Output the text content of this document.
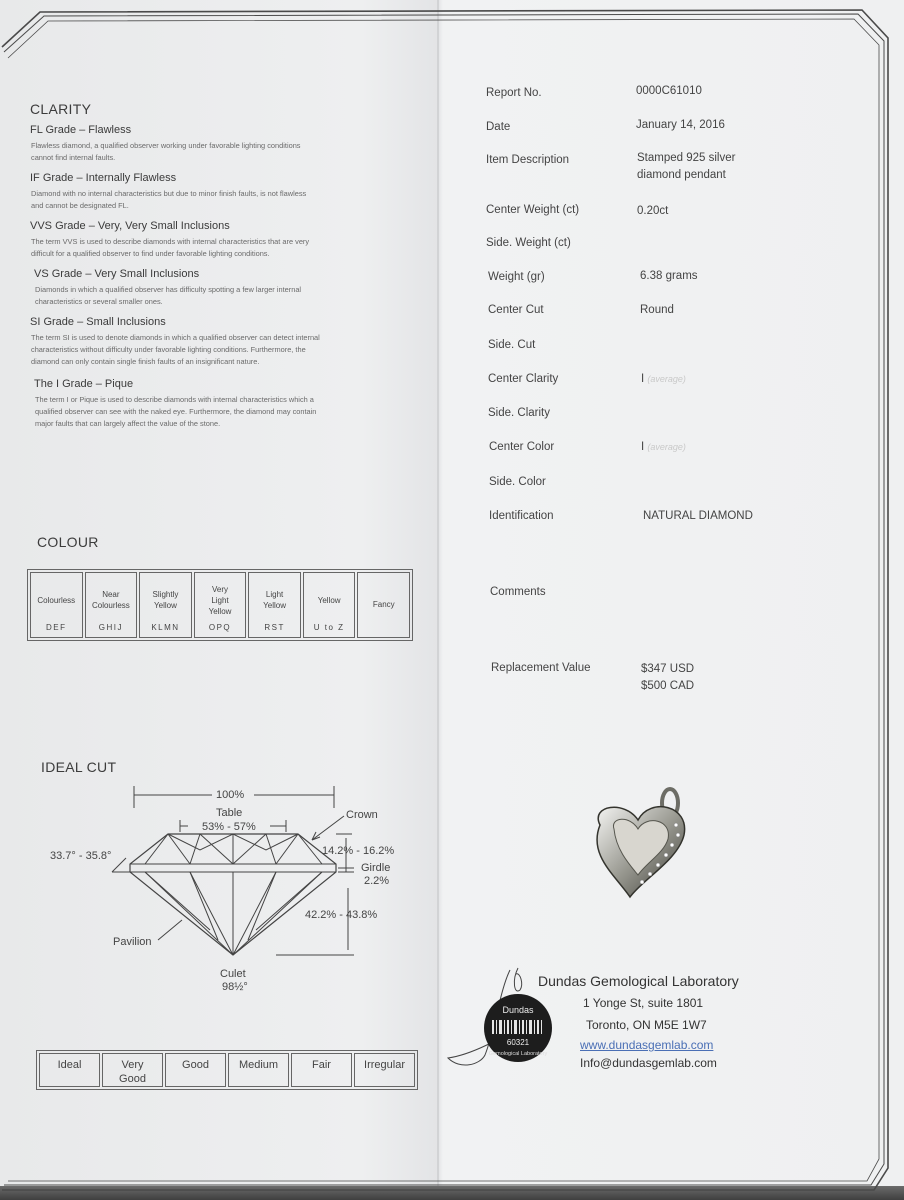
CLARITY
FL Grade – Flawless
Flawless diamond, a qualified observer working under favorable lighting conditions
cannot find internal faults.
IF Grade – Internally Flawless
Diamond with no internal characteristics but due to minor finish faults, is not flawless
and cannot be designated FL.
VVS Grade – Very, Very Small Inclusions
The term VVS is used to describe diamonds with internal characteristics that are very
difficult for a qualified observer to find under favorable lighting conditions.
VS Grade – Very Small Inclusions
Diamonds in which a qualified observer has difficulty spotting a few larger internal
characteristics or several smaller ones.
SI Grade – Small Inclusions
The term SI is used to denote diamonds in which a qualified observer can detect internal
characteristics without difficulty under favorable lighting conditions. Furthermore, the
diamond can only contain single finish faults of an insignificant nature.
The I Grade – Pique
The term I or Pique is used to describe diamonds with internal characteristics which a
qualified observer can see with the naked eye. Furthermore, the diamond may contain
major faults that can largely affect the value of the stone.
COLOUR
Colourless
DEF
Near
Colourless
GHIJ
Slightly
Yellow
KLMN
Very
Light
Yellow
OPQ
Light
Yellow
RST
Yellow
U to Z
Fancy
IDEAL CUT
100%
Table
53% - 57%
Crown
33.7° - 35.8°	14.2% - 16.2%
Girdle
2.2%
42.2% - 43.8%
Pavilion
Culet
98½°
Ideal	Very
Good
Good	Medium	Fair	Irregular
Report No.	0000C61010
Date	January 14, 2016
Item Description	Stamped 925 silver
diamond pendant
Center Weight (ct)	0.20ct
Side. Weight (ct)
Weight (gr)	6.38 grams
Center Cut	Round
Side. Cut
Center Clarity	I (average)
Side. Clarity
Center Color	I (average)
Side. Color
Identification	NATURAL DIAMOND
Comments
Replacement Value	$347 USD
$500 CAD
Dundas
60321
Gemological Laboratory
Dundas Gemological Laboratory
1 Yonge St, suite 1801
Toronto, ON M5E 1W7
www.dundasgemlab.com
Info@dundasgemlab.com
